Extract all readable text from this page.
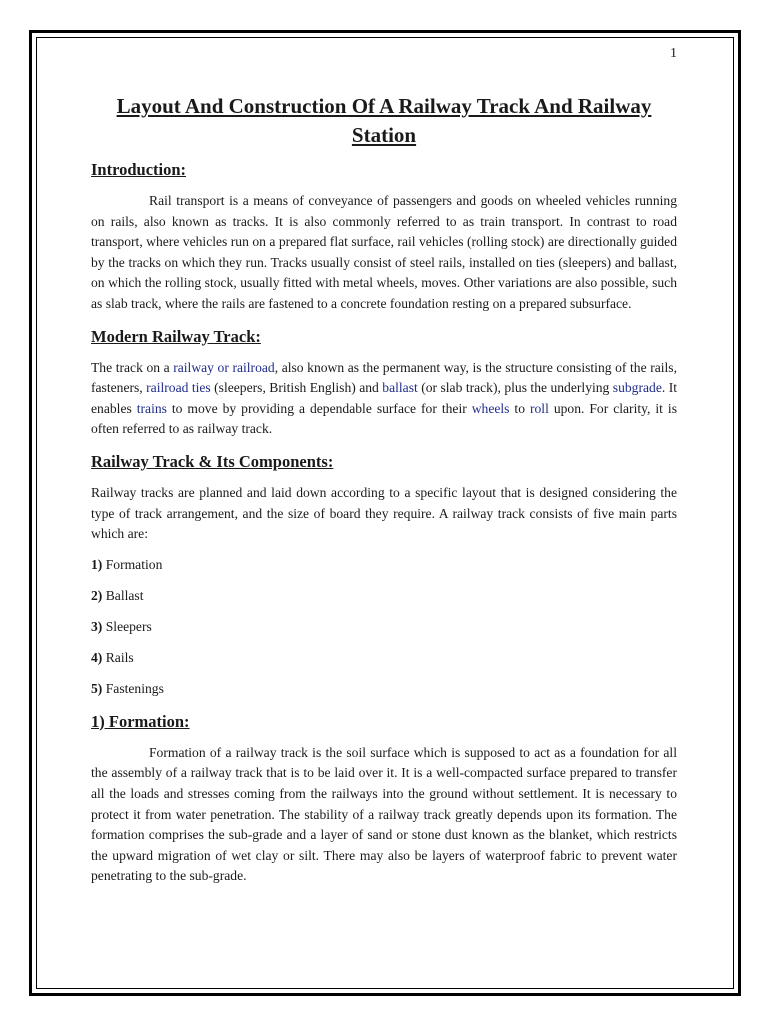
1
Layout And Construction Of A Railway Track And Railway Station
Introduction:

Rail transport is a means of conveyance of passengers and goods on wheeled vehicles running on rails, also known as tracks. It is also commonly referred to as train transport. In contrast to road transport, where vehicles run on a prepared flat surface, rail vehicles (rolling stock) are directionally guided by the tracks on which they run. Tracks usually consist of steel rails, installed on ties (sleepers) and ballast, on which the rolling stock, usually fitted with metal wheels, moves. Other variations are also possible, such as slab track, where the rails are fastened to a concrete foundation resting on a prepared subsurface.

Modern Railway Track:

The track on a railway or railroad, also known as the permanent way, is the structure consisting of the rails, fasteners, railroad ties (sleepers, British English) and ballast (or slab track), plus the underlying subgrade. It enables trains to move by providing a dependable surface for their wheels to roll upon. For clarity, it is often referred to as railway track.

Railway Track & Its Components:

Railway tracks are planned and laid down according to a specific layout that is designed considering the type of track arrangement, and the size of board they require. A railway track consists of five main parts which are:

1) Formation
2) Ballast
3) Sleepers
4) Rails
5) Fastenings
1) Formation:

Formation of a railway track is the soil surface which is supposed to act as a foundation for all the assembly of a railway track that is to be laid over it. It is a well-compacted surface prepared to transfer all the loads and stresses coming from the railways into the ground without settlement. It is necessary to protect it from water penetration. The stability of a railway track greatly depends upon its formation. The formation comprises the sub-grade and a layer of sand or stone dust known as the blanket, which restricts the upward migration of wet clay or silt. There may also be layers of waterproof fabric to prevent water penetrating to the sub-grade.
